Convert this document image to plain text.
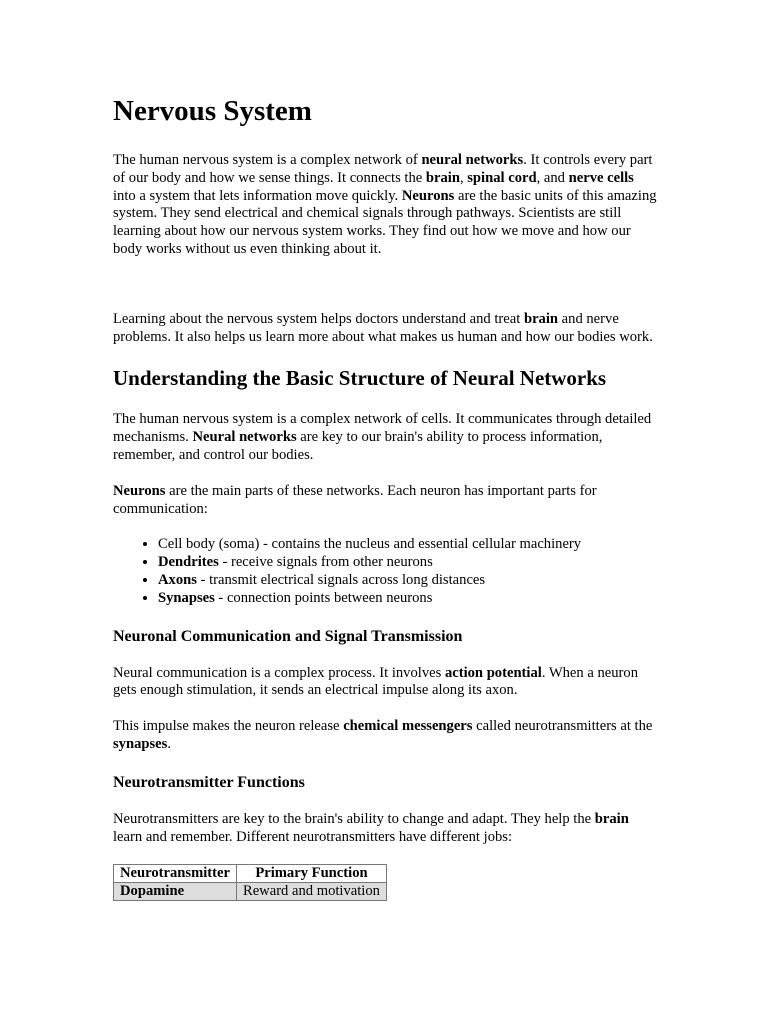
Nervous System

The human nervous system is a complex network of neural networks. It controls every part of our body and how we sense things. It connects the brain, spinal cord, and nerve cells into a system that lets information move quickly. Neurons are the basic units of this amazing system. They send electrical and chemical signals through pathways. Scientists are still learning about how our nervous system works. They find out how we move and how our body works without us even thinking about it.

Learning about the nervous system helps doctors understand and treat brain and nerve problems. It also helps us learn more about what makes us human and how our bodies work.

Understanding the Basic Structure of Neural Networks

The human nervous system is a complex network of cells. It communicates through detailed mechanisms. Neural networks are key to our brain's ability to process information, remember, and control our bodies.

Neurons are the main parts of these networks. Each neuron has important parts for communication:

• Cell body (soma) - contains the nucleus and essential cellular machinery
• Dendrites - receive signals from other neurons
• Axons - transmit electrical signals across long distances
• Synapses - connection points between neurons
Neuronal Communication and Signal Transmission

Neural communication is a complex process. It involves action potential. When a neuron gets enough stimulation, it sends an electrical impulse along its axon.

This impulse makes the neuron release chemical messengers called neurotransmitters at the synapses.

Neurotransmitter Functions

Neurotransmitters are key to the brain's ability to change and adapt. They help the brain learn and remember. Different neurotransmitters have different jobs:

Neurotransmitter	Primary Function
Dopamine	Reward and motivation
